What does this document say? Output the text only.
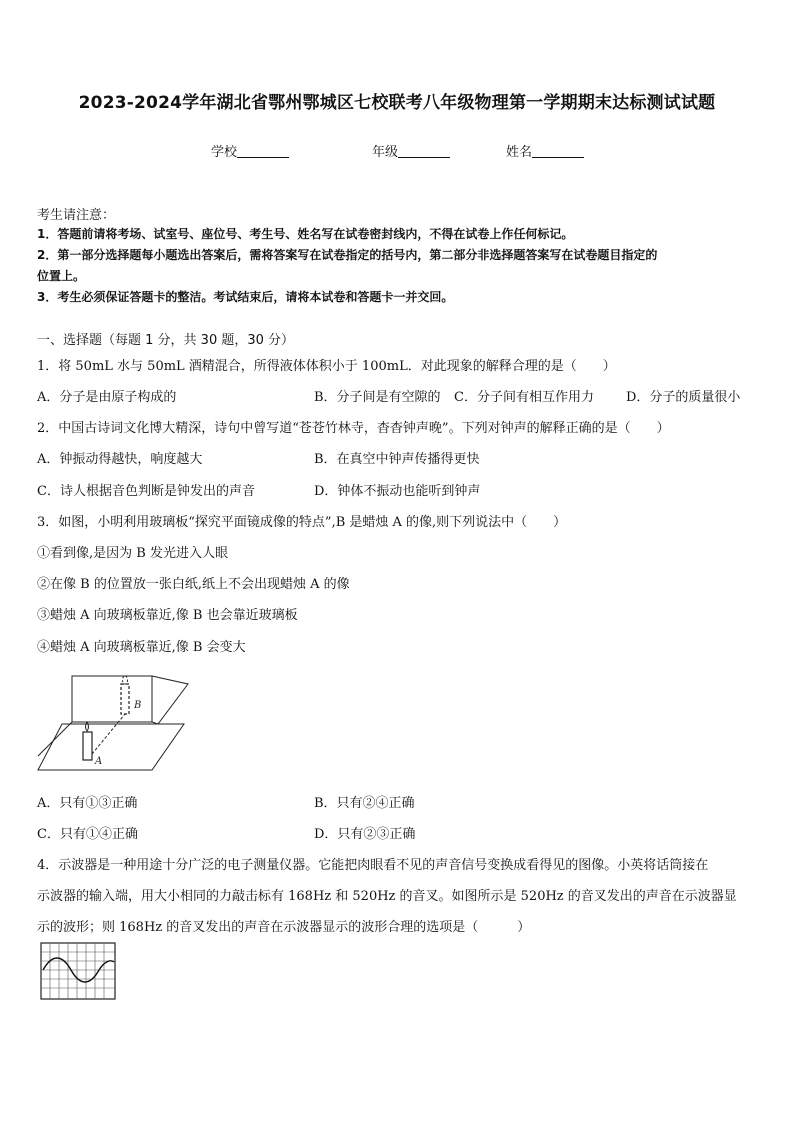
2023-2024学年湖北省鄂州鄂城区七校联考八年级物理第一学期期末达标测试试题
学校	年级	姓名
考生请注意：
1．答题前请将考场、试室号、座位号、考生号、姓名写在试卷密封线内，不得在试卷上作任何标记。
2．第一部分选择题每小题选出答案后，需将答案写在试卷指定的括号内，第二部分非选择题答案写在试卷题目指定的
位置上。
3．考生必须保证答题卡的整洁。考试结束后，请将本试卷和答题卡一并交回。
一、选择题（每题 1 分，共 30 题，30 分）
1．将 50mL 水与 50mL 酒精混合，所得液体体积小于 100mL．对此现象的解释合理的是（　　）
A．分子是由原子构成的	B．分子间是有空隙的 C．分子间有相互作用力 D．分子的质量很小
2．中国古诗词文化博大精深，诗句中曾写道“苍苍竹林寺，杳杳钟声晚”。下列对钟声的解释正确的是（　　）
A．钟振动得越快，响度越大	B．在真空中钟声传播得更快
C．诗人根据音色判断是钟发出的声音	D．钟体不振动也能听到钟声
3．如图，小明利用玻璃板“探究平面镜成像的特点”,B 是蜡烛 A 的像,则下列说法中（　　）
①看到像,是因为 B 发光进入人眼
②在像 B 的位置放一张白纸,纸上不会出现蜡烛 A 的像
③蜡烛 A 向玻璃板靠近,像 B 也会靠近玻璃板
④蜡烛 A 向玻璃板靠近,像 B 会变大
B
A
A．只有①③正确	B．只有②④正确
C．只有①④正确	D．只有②③正确
4．示波器是一种用途十分广泛的电子测量仪器。它能把肉眼看不见的声音信号变换成看得见的图像。小英将话筒接在
示波器的输入端，用大小相同的力敲击标有 168Hz 和 520Hz 的音叉。如图所示是 520Hz 的音叉发出的声音在示波器显
示的波形；则 168Hz 的音叉发出的声音在示波器显示的波形合理的选项是（　　　）
